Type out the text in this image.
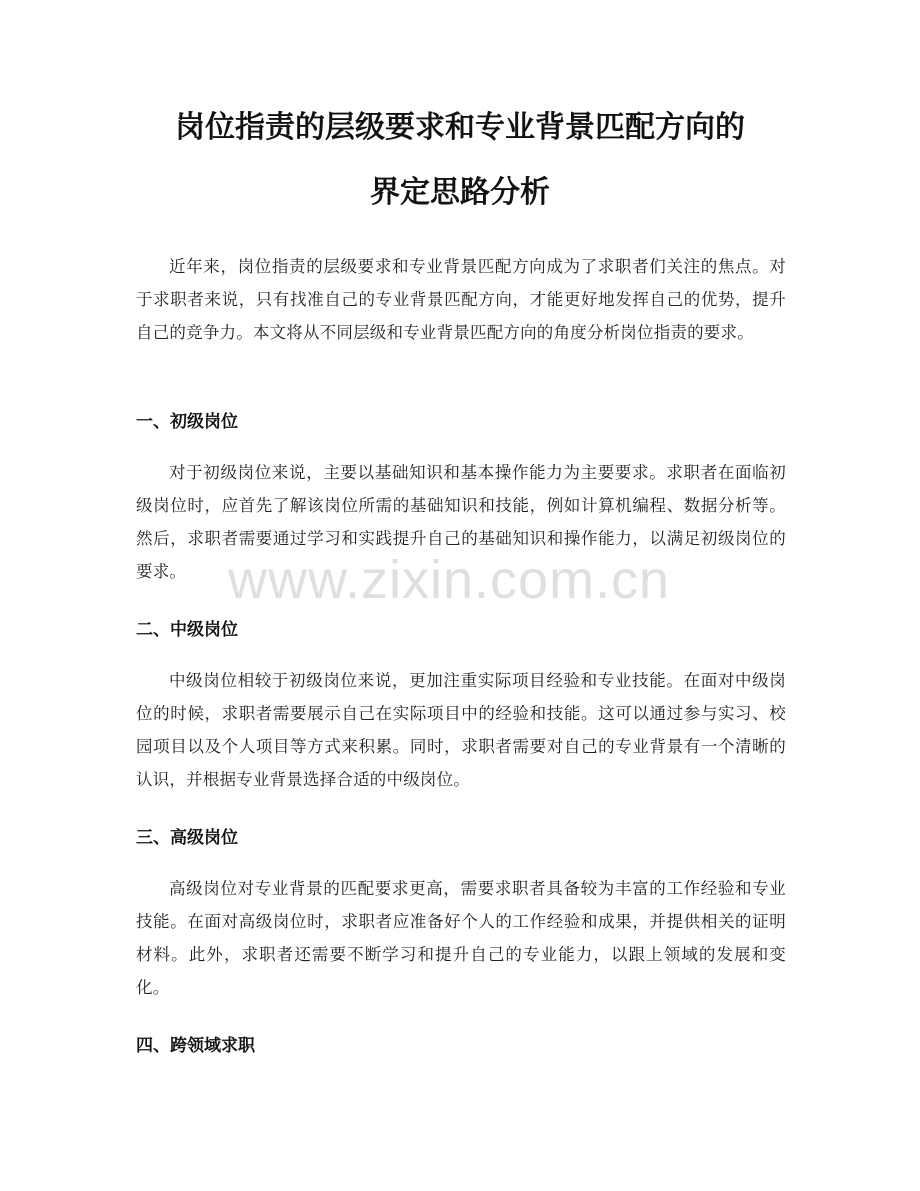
岗位指责的层级要求和专业背景匹配方向的
界定思路分析

近年来，岗位指责的层级要求和专业背景匹配方向成为了求职者们关注的焦点。对于求职者来说，只有找准自己的专业背景匹配方向，才能更好地发挥自己的优势，提升自己的竞争力。本文将从不同层级和专业背景匹配方向的角度分析岗位指责的要求。

一、初级岗位

对于初级岗位来说，主要以基础知识和基本操作能力为主要要求。求职者在面临初级岗位时，应首先了解该岗位所需的基础知识和技能，例如计算机编程、数据分析等。然后，求职者需要通过学习和实践提升自己的基础知识和操作能力，以满足初级岗位的要求。

二、中级岗位

中级岗位相较于初级岗位来说，更加注重实际项目经验和专业技能。在面对中级岗位的时候，求职者需要展示自己在实际项目中的经验和技能。这可以通过参与实习、校园项目以及个人项目等方式来积累。同时，求职者需要对自己的专业背景有一个清晰的认识，并根据专业背景选择合适的中级岗位。

三、高级岗位

高级岗位对专业背景的匹配要求更高，需要求职者具备较为丰富的工作经验和专业技能。在面对高级岗位时，求职者应准备好个人的工作经验和成果，并提供相关的证明材料。此外，求职者还需要不断学习和提升自己的专业能力，以跟上领域的发展和变化。

四、跨领域求职
www.zixin.com.cn
